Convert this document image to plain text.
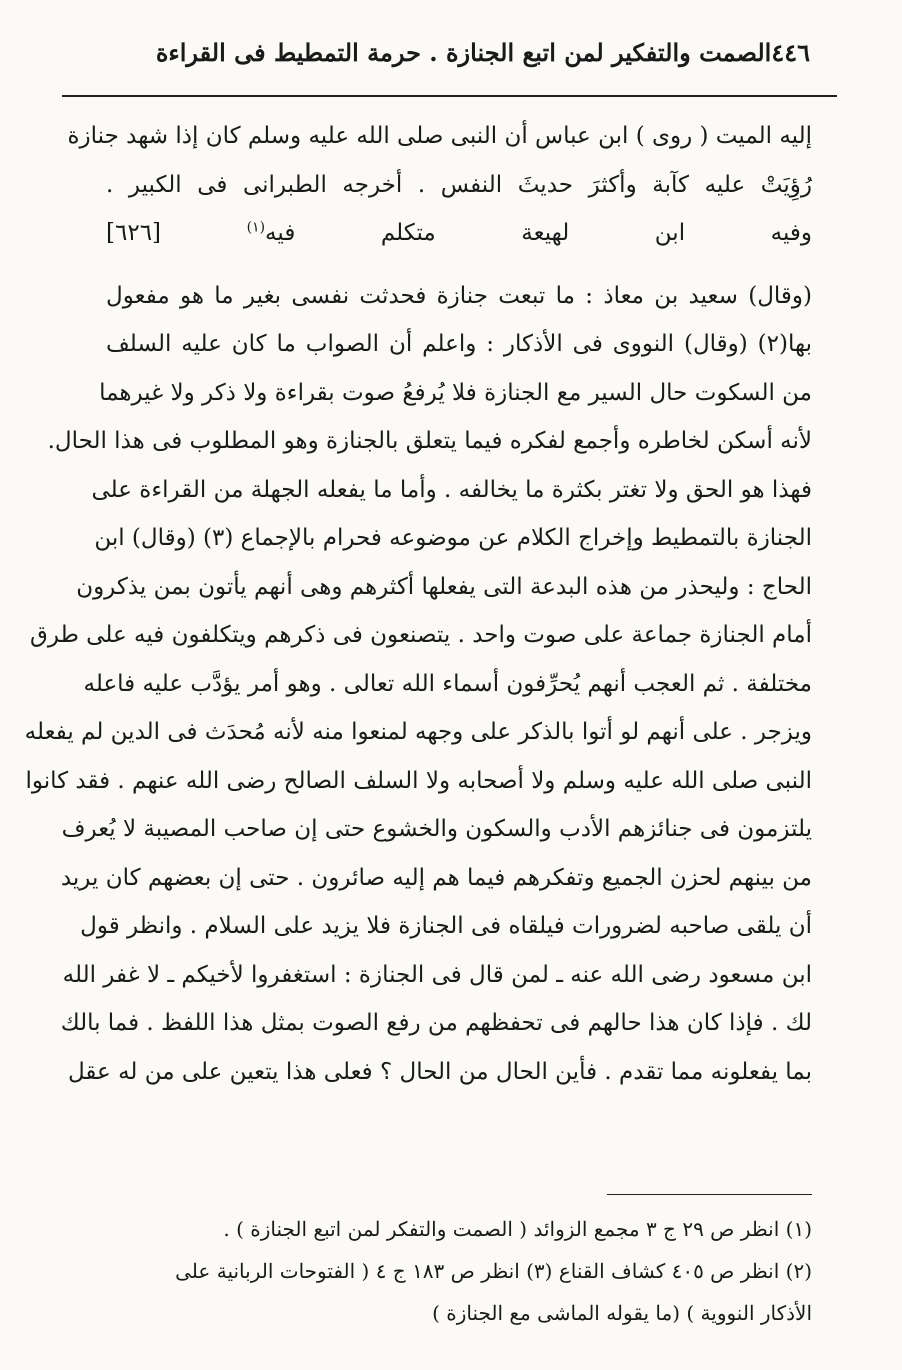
٤٤٦
الصمت والتفكير لمن اتبع الجنازة . حرمة التمطيط فى القراءة
إليه الميت ( روى ) ابن عباس أن النبى صلى الله عليه وسلم كان إذا شهد جنازة
رُؤِيَتْ عليه كآبة وأكثرَ حديثَ النفس . أخرجه الطبرانى فى الكبير .
وفيه ابن لهيعة متكلم فيه$^{(١)}$ [٦٢٦]
(وقال) سعيد بن معاذ : ما تبعت جنازة فحدثت نفسى بغير ما هو مفعول
بها(٢) (وقال) النووى فى الأذكار : واعلم أن الصواب ما كان عليه السلف
من السكوت حال السير مع الجنازة فلا يُرفعُ صوت بقراءة ولا ذكر ولا غيرهما
لأنه أسكن لخاطره وأجمع لفكره فيما يتعلق بالجنازة وهو المطلوب فى هذا الحال.
فهذا هو الحق ولا تغتر بكثرة ما يخالفه . وأما ما يفعله الجهلة من القراءة على
الجنازة بالتمطيط وإخراج الكلام عن موضوعه فحرام بالإجماع (٣) (وقال) ابن
الحاج : وليحذر من هذه البدعة التى يفعلها أكثرهم وهى أنهم يأتون بمن يذكرون
أمام الجنازة جماعة على صوت واحد . يتصنعون فى ذكرهم ويتكلفون فيه على طرق
مختلفة . ثم العجب أنهم يُحرِّفون أسماء الله تعالى . وهو أمر يؤدَّب عليه فاعله
ويزجر . على أنهم لو أتوا بالذكر على وجهه لمنعوا منه لأنه مُحدَث فى الدين لم يفعله
النبى صلى الله عليه وسلم ولا أصحابه ولا السلف الصالح رضى الله عنهم . فقد كانوا
يلتزمون فى جنائزهم الأدب والسكون والخشوع حتى إن صاحب المصيبة لا يُعرف
من بينهم لحزن الجميع وتفكرهم فيما هم إليه صائرون . حتى إن بعضهم كان يريد
أن يلقى صاحبه لضرورات فيلقاه فى الجنازة فلا يزيد على السلام . وانظر قول
ابن مسعود رضى الله عنه ـ لمن قال فى الجنازة : استغفروا لأخيكم ـ لا غفر الله
لك . فإذا كان هذا حالهم فى تحفظهم من رفع الصوت بمثل هذا اللفظ . فما بالك
بما يفعلونه مما تقدم . فأين الحال من الحال ؟ فعلى هذا يتعين على من له عقل
(١) انظر ص ٢٩ ج ٣ مجمع الزوائد ( الصمت والتفكر لمن اتبع الجنازة ) .
(٢) انظر ص ٤٠٥ كشاف القناع (٣) انظر ص ١٨٣ ج ٤ ( الفتوحات الربانية على
الأذكار النووية ) (ما يقوله الماشى مع الجنازة )
